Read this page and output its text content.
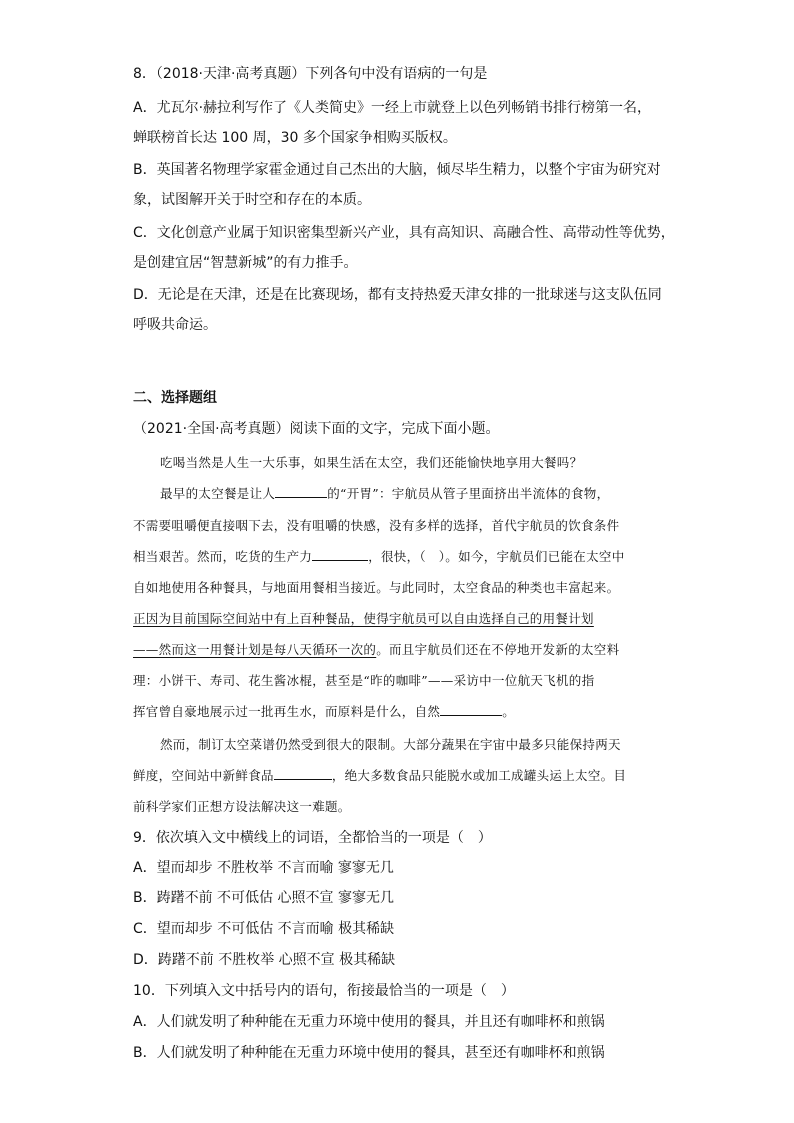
8．（2018·天津·高考真题）下列各句中没有语病的一句是
A．尤瓦尔·赫拉利写作了《人类简史》一经上市就登上以色列畅销书排行榜第一名，
蝉联榜首长达 100 周，30 多个国家争相购买版权。
B．英国著名物理学家霍金通过自己杰出的大脑，倾尽毕生精力，以整个宇宙为研究对
象，试图解开关于时空和存在的本质。
C．文化创意产业属于知识密集型新兴产业，具有高知识、高融合性、高带动性等优势，
是创建宜居“智慧新城”的有力推手。
D．无论是在天津，还是在比赛现场，都有支持热爱天津女排的一批球迷与这支队伍同
呼吸共命运。
二、选择题组
（2021·全国·高考真题）阅读下面的文字，完成下面小题。
吃喝当然是人生一大乐事，如果生活在太空，我们还能愉快地享用大餐吗？
最早的太空餐是让人	的“开胃”：宇航员从管子里面挤出半流体的食物，
不需要咀嚼便直接咽下去，没有咀嚼的快感，没有多样的选择，首代宇航员的饮食条件
相当艰苦。然而，吃货的生产力	，很快，（　）。如今，宇航员们已能在太空中
自如地使用各种餐具，与地面用餐相当接近。与此同时，太空食品的种类也丰富起来。
正因为目前国际空间站中有上百种餐品，使得宇航员可以自由选择自己的用餐计划
——然而这一用餐计划是每八天循环一次的。而且宇航员们还在不停地开发新的太空料
理：小饼干、寿司、花生酱冰棍，甚至是“昨的咖啡”——采访中一位航天飞机的指
挥官曾自豪地展示过一批再生水，而原料是什么，自然	。
然而，制订太空菜谱仍然受到很大的限制。大部分蔬果在宇宙中最多只能保持两天
鲜度，空间站中新鲜食品	，绝大多数食品只能脱水或加工成罐头运上太空。目
前科学家们正想方设法解决这一难题。
9．依次填入文中横线上的词语，全都恰当的一项是（　）
A．望而却步 不胜枚举 不言而喻 寥寥无几
B．踌躇不前 不可低估 心照不宣 寥寥无几
C．望而却步 不可低估 不言而喻 极其稀缺
D．踌躇不前 不胜枚举 心照不宣 极其稀缺
10．下列填入文中括号内的语句，衔接最恰当的一项是（　）
A．人们就发明了种种能在无重力环境中使用的餐具，并且还有咖啡杯和煎锅
B．人们就发明了种种能在无重力环境中使用的餐具，甚至还有咖啡杯和煎锅
